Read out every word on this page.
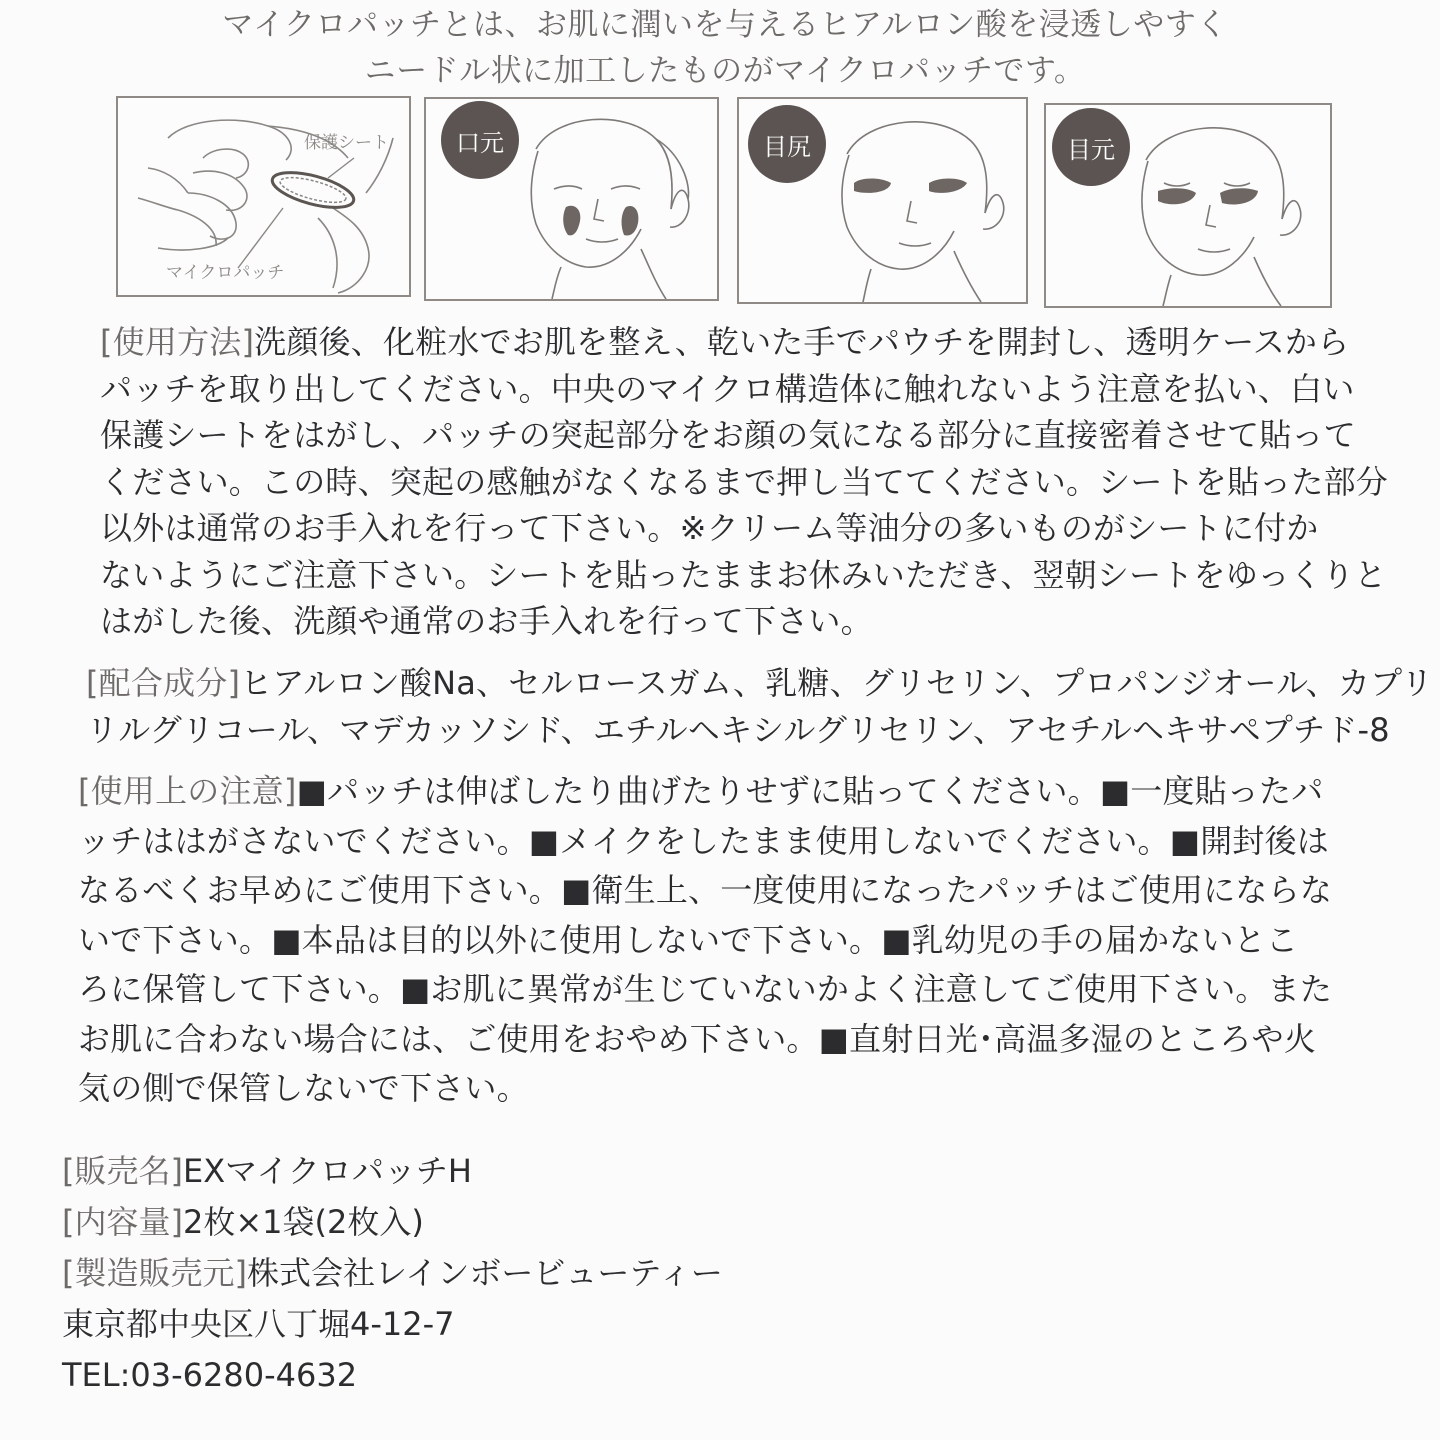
マイクロパッチとは、お肌に潤いを与えるヒアルロン酸を浸透しやすく
ニードル状に加工したものがマイクロパッチです。
保護シート
マイクロパッチ
口元	目尻	目元
[使用方法]洗顔後、化粧水でお肌を整え、乾いた手でパウチを開封し、透明ケースから
パッチを取り出してください。中央のマイクロ構造体に触れないよう注意を払い、白い
保護シートをはがし、パッチの突起部分をお顔の気になる部分に直接密着させて貼って
ください。この時、突起の感触がなくなるまで押し当ててください。シートを貼った部分
以外は通常のお手入れを行って下さい。※クリーム等油分の多いものがシートに付か
ないようにご注意下さい。シートを貼ったままお休みいただき、翌朝シートをゆっくりと
はがした後、洗顔や通常のお手入れを行って下さい。
[配合成分]ヒアルロン酸Na、セルロースガム、乳糖、グリセリン、プロパンジオール、カプリ
リルグリコール、マデカッソシド、エチルヘキシルグリセリン、アセチルヘキサペプチド-8
[使用上の注意]■パッチは伸ばしたり曲げたりせずに貼ってください。■一度貼ったパ
ッチははがさないでください。■メイクをしたまま使用しないでください。■開封後は
なるべくお早めにご使用下さい。■衛生上、一度使用になったパッチはご使用にならな
いで下さい。■本品は目的以外に使用しないで下さい。■乳幼児の手の届かないとこ
ろに保管して下さい。■お肌に異常が生じていないかよく注意してご使用下さい。また
お肌に合わない場合には、ご使用をおやめ下さい。■直射日光･高温多湿のところや火
気の側で保管しないで下さい。
[販売名]EXマイクロパッチH
[内容量]2枚×1袋(2枚入)
[製造販売元]株式会社レインボービューティー
東京都中央区八丁堀4-12-7
TEL:03-6280-4632
